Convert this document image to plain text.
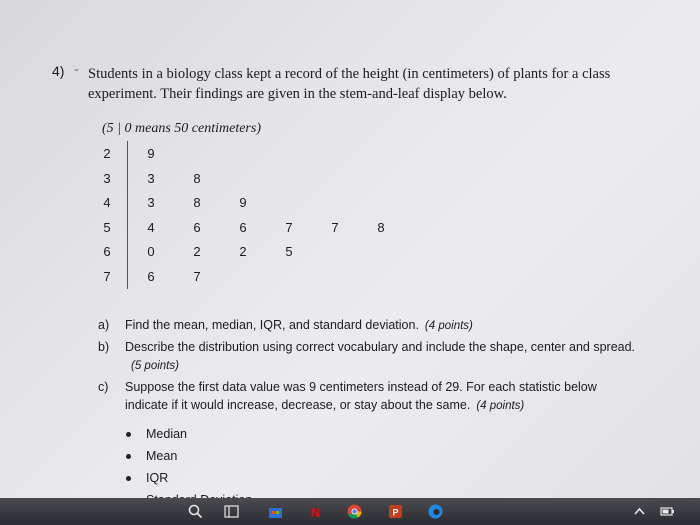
4) - Students in a biology class kept a record of the height (in centimeters) of plants for a class experiment. Their findings are given in the stem-and-leaf display below.
(5 | 0 means 50 centimeters)
2	9
3	3	8
4	3	8	9
5	4	6	6	7	7	8
6	0	2	2	5
7	6	7
a) Find the mean, median, IQR, and standard deviation. (4 points)
b) Describe the distribution using correct vocabulary and include the shape, center and spread.(5 points)
c) Suppose the first data value was 9 centimeters instead of 29. For each statistic below indicate if it would increase, decrease, or stay about the same. (4 points)
Median
Mean
IQR
N	P
